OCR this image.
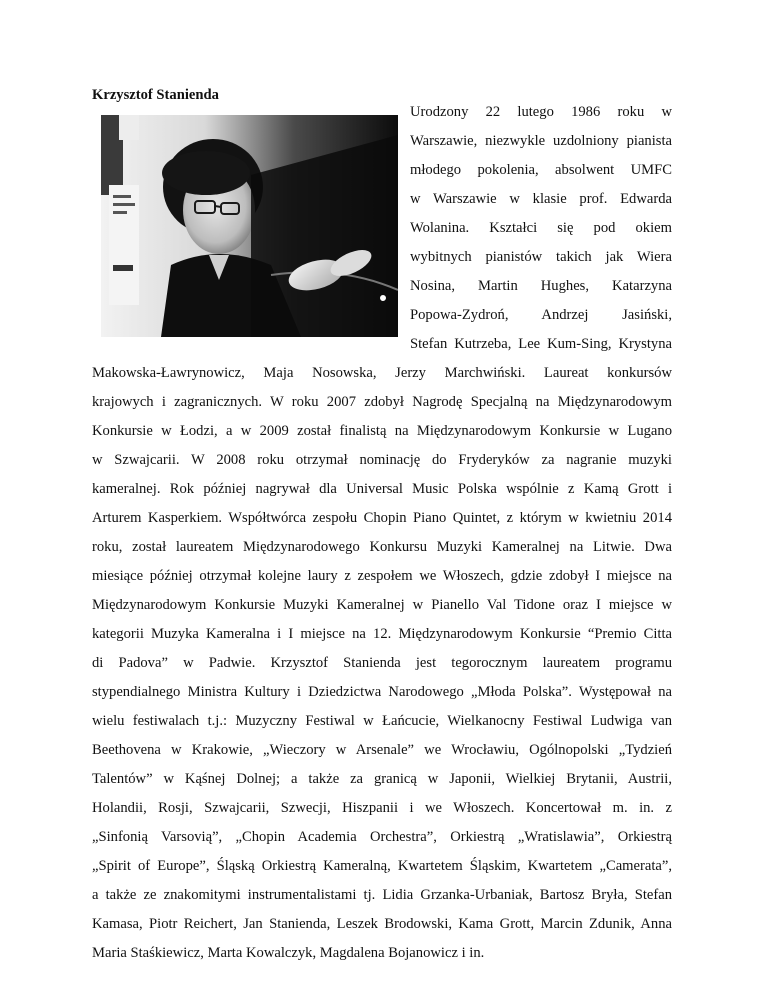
Krzysztof Stanienda
Urodzony 22 lutego 1986 roku w
Warszawie, niezwykle uzdolniony pianista
młodego pokolenia, absolwent UMFC
w Warszawie w klasie prof. Edwarda
Wolanina. Kształci się pod okiem
wybitnych pianistów takich jak Wiera
Nosina, Martin Hughes, Katarzyna
Popowa-Zydroń, Andrzej Jasiński,
Stefan Kutrzeba, Lee Kum-Sing, Krystyna
Makowska-Ławrynowicz, Maja Nosowska, Jerzy Marchwiński. Laureat konkursów
krajowych i zagranicznych. W roku 2007 zdobył Nagrodę Specjalną na Międzynarodowym
Konkursie w Łodzi, a w 2009 został finalistą na Międzynarodowym Konkursie w Lugano
w Szwajcarii. W 2008 roku otrzymał nominację do Fryderyków za nagranie muzyki
kameralnej. Rok później nagrywał dla Universal Music Polska wspólnie z Kamą Grott i
Arturem Kasperkiem. Współtwórca zespołu Chopin Piano Quintet, z którym w kwietniu 2014
roku, został laureatem Międzynarodowego Konkursu Muzyki Kameralnej na Litwie. Dwa
miesiące później otrzymał kolejne laury z zespołem we Włoszech, gdzie zdobył I miejsce na
Międzynarodowym Konkursie Muzyki Kameralnej w Pianello Val Tidone oraz I miejsce w
kategorii Muzyka Kameralna i I miejsce na 12. Międzynarodowym Konkursie “Premio Citta
di Padova” w Padwie. Krzysztof Stanienda jest tegorocznym laureatem programu
stypendialnego Ministra Kultury i Dziedzictwa Narodowego „Młoda Polska”. Występował na
wielu festiwalach t.j.: Muzyczny Festiwal w Łańcucie, Wielkanocny Festiwal Ludwiga van
Beethovena w Krakowie, „Wieczory w Arsenale” we Wrocławiu, Ogólnopolski „Tydzień
Talentów” w Kąśnej Dolnej; a także za granicą w Japonii, Wielkiej Brytanii, Austrii,
Holandii, Rosji, Szwajcarii, Szwecji, Hiszpanii i we Włoszech. Koncertował m. in. z
„Sinfonią Varsovią”, „Chopin Academia Orchestra”, Orkiestrą „Wratislawia”, Orkiestrą
„Spirit of Europe”, Śląską Orkiestrą Kameralną, Kwartetem Śląskim, Kwartetem „Camerata”,
a także ze znakomitymi instrumentalistami tj. Lidia Grzanka-Urbaniak, Bartosz Bryła, Stefan
Kamasa, Piotr Reichert, Jan Stanienda, Leszek Brodowski, Kama Grott, Marcin Zdunik, Anna
Maria Staśkiewicz, Marta Kowalczyk, Magdalena Bojanowicz i in.
